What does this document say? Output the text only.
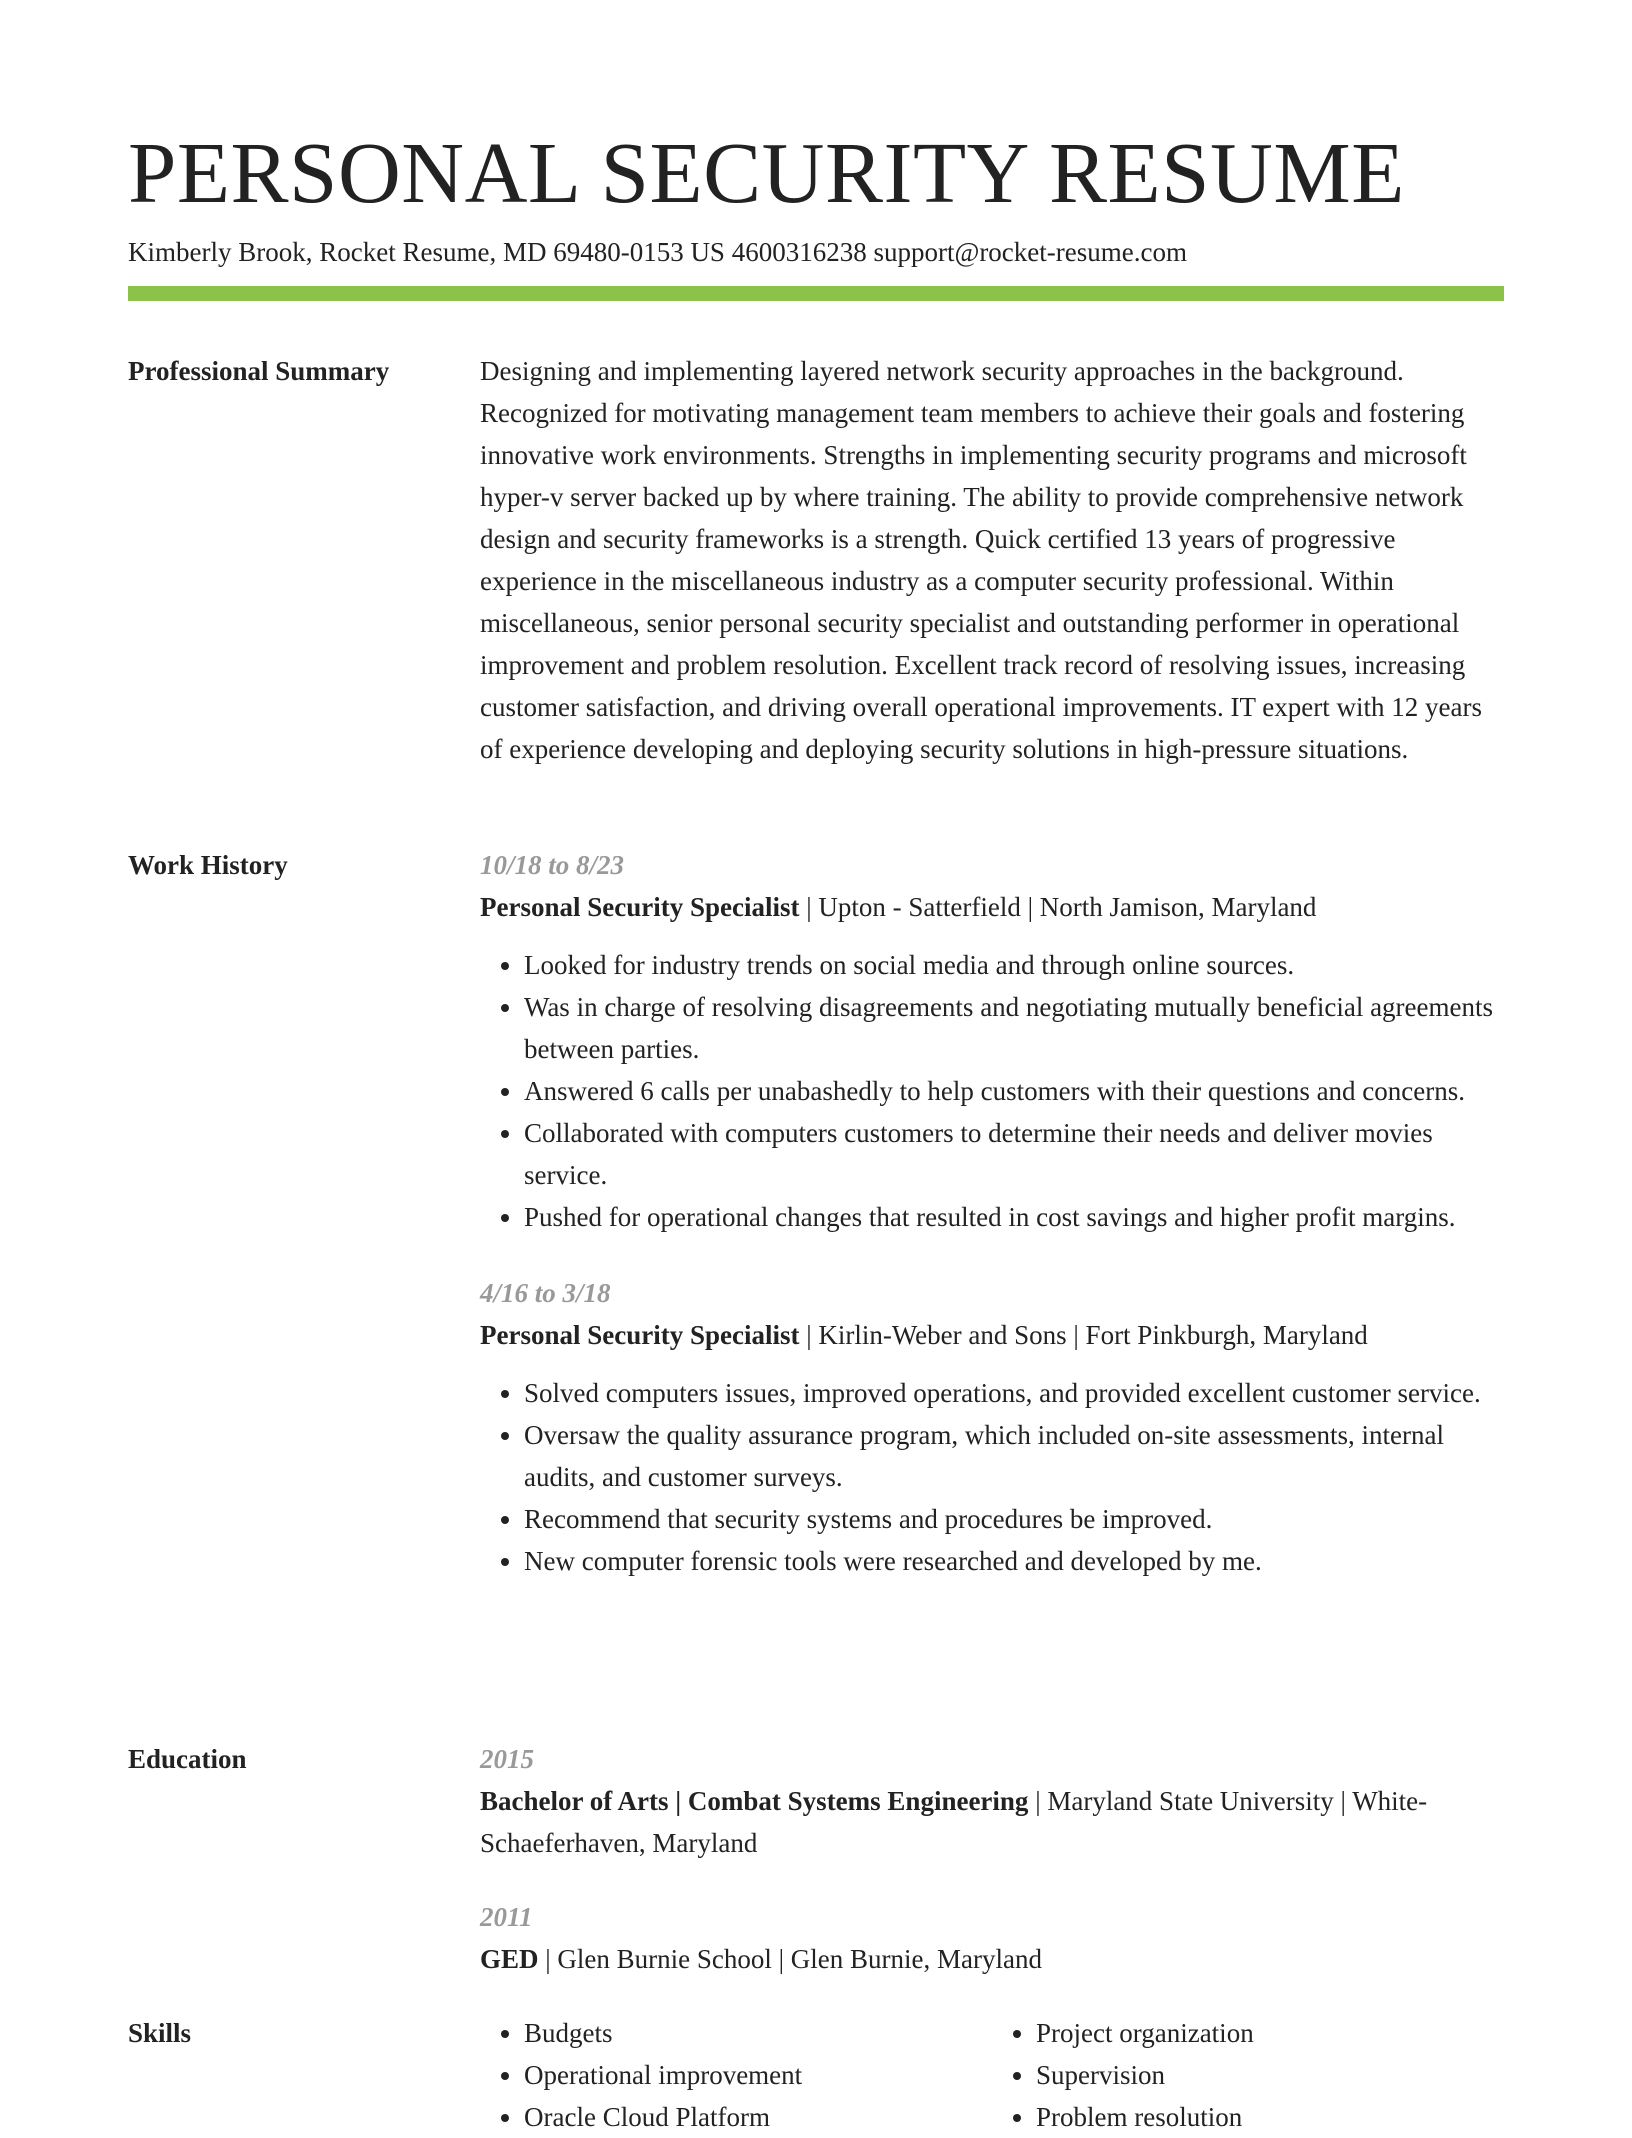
PERSONAL SECURITY RESUME
Kimberly Brook, Rocket Resume, MD 69480-0153 US 4600316238 support@rocket-resume.com
Professional Summary	Designing and implementing layered network security approaches in the background. Recognized for motivating management team members to achieve their goals and fostering innovative work environments. Strengths in implementing security programs and microsoft hyper-v server backed up by where training. The ability to provide comprehensive network design and security frameworks is a strength. Quick certified 13 years of progressive experience in the miscellaneous industry as a computer security professional. Within miscellaneous, senior personal security specialist and outstanding performer in operational improvement and problem resolution. Excellent track record of resolving issues, increasing customer satisfaction, and driving overall operational improvements. IT expert with 12 years of experience developing and deploying security solutions in high-pressure situations.

Work History	10/18 to 8/23
Personal Security Specialist | Upton - Satterfield | North Jamison, Maryland
• Looked for industry trends on social media and through online sources.
• Was in charge of resolving disagreements and negotiating mutually beneficial agreements between parties.
• Answered 6 calls per unabashedly to help customers with their questions and concerns.
• Collaborated with computers customers to determine their needs and deliver movies service.
• Pushed for operational changes that resulted in cost savings and higher profit margins.
4/16 to 3/18
Personal Security Specialist | Kirlin-Weber and Sons | Fort Pinkburgh, Maryland
• Solved computers issues, improved operations, and provided excellent customer service.
• Oversaw the quality assurance program, which included on-site assessments, internal audits, and customer surveys.
• Recommend that security systems and procedures be improved.
• New computer forensic tools were researched and developed by me.
Education	2015
Bachelor of Arts | Combat Systems Engineering | Maryland State University | White-Schaeferhaven, Maryland
2011
GED | Glen Burnie School | Glen Burnie, Maryland
Skills
•	Budgets
• Operational improvement
• Oracle Cloud Platform
• Project organization
• Supervision
• Problem resolution
